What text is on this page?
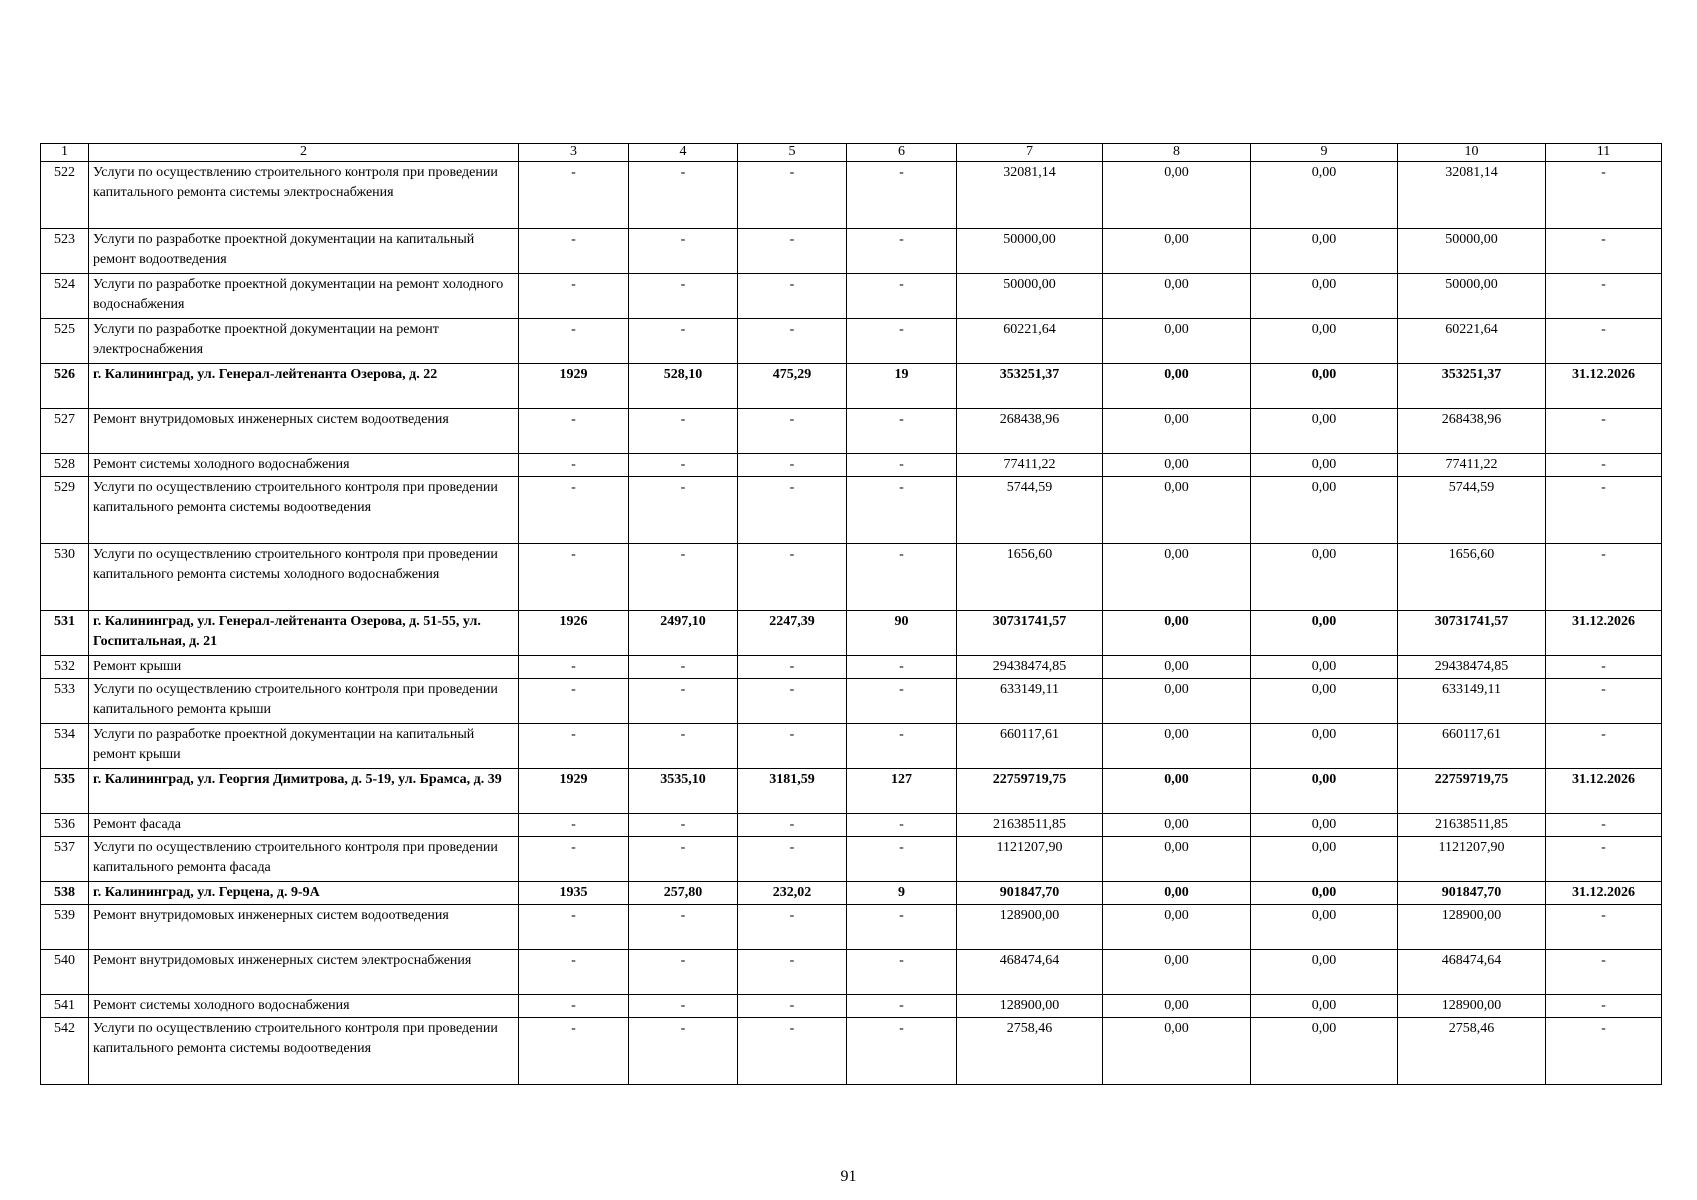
1	2	3	4	5	6	7	8	9	10	11
522	Услуги по осуществлению строительного контроля при проведении капитального ремонта системы электроснабжения	-	-	-	-	32081,14	0,00	0,00	32081,14	-
523	Услуги по разработке проектной документации на капитальный ремонт водоотведения	-	-	-	-	50000,00	0,00	0,00	50000,00	-
524	Услуги по разработке проектной документации на ремонт холодного водоснабжения	-	-	-	-	50000,00	0,00	0,00	50000,00	-
525	Услуги по разработке проектной документации на ремонт электроснабжения	-	-	-	-	60221,64	0,00	0,00	60221,64	-
526	г. Калининград, ул. Генерал-лейтенанта Озерова, д. 22	1929	528,10	475,29	19	353251,37	0,00	0,00	353251,37	31.12.2026
527	Ремонт внутридомовых инженерных систем водоотведения	-	-	-	-	268438,96	0,00	0,00	268438,96	-
528	Ремонт системы холодного водоснабжения	-	-	-	-	77411,22	0,00	0,00	77411,22	-
529	Услуги по осуществлению строительного контроля при проведении капитального ремонта системы водоотведения	-	-	-	-	5744,59	0,00	0,00	5744,59	-
530	Услуги по осуществлению строительного контроля при проведении капитального ремонта системы холодного водоснабжения	-	-	-	-	1656,60	0,00	0,00	1656,60	-
531	г. Калининград, ул. Генерал-лейтенанта Озерова, д. 51-55, ул. Госпитальная, д. 21	1926	2497,10	2247,39	90	30731741,57	0,00	0,00	30731741,57	31.12.2026
532	Ремонт крыши	-	-	-	-	29438474,85	0,00	0,00	29438474,85	-
533	Услуги по осуществлению строительного контроля при проведении капитального ремонта крыши	-	-	-	-	633149,11	0,00	0,00	633149,11	-
534	Услуги по разработке проектной документации на капитальный ремонт крыши	-	-	-	-	660117,61	0,00	0,00	660117,61	-
535	г. Калининград, ул. Георгия Димитрова, д. 5-19, ул. Брамса, д. 39	1929	3535,10	3181,59	127	22759719,75	0,00	0,00	22759719,75	31.12.2026
536	Ремонт фасада	-	-	-	-	21638511,85	0,00	0,00	21638511,85	-
537	Услуги по осуществлению строительного контроля при проведении капитального ремонта фасада	-	-	-	-	1121207,90	0,00	0,00	1121207,90	-
538	г. Калининград, ул. Герцена, д. 9-9А	1935	257,80	232,02	9	901847,70	0,00	0,00	901847,70	31.12.2026
539	Ремонт внутридомовых инженерных систем водоотведения	-	-	-	-	128900,00	0,00	0,00	128900,00	-
540	Ремонт внутридомовых инженерных систем электроснабжения	-	-	-	-	468474,64	0,00	0,00	468474,64	-
541	Ремонт системы холодного водоснабжения	-	-	-	-	128900,00	0,00	0,00	128900,00	-
542	Услуги по осуществлению строительного контроля при проведении капитального ремонта системы водоотведения	-	-	-	-	2758,46	0,00	0,00	2758,46	-
91
